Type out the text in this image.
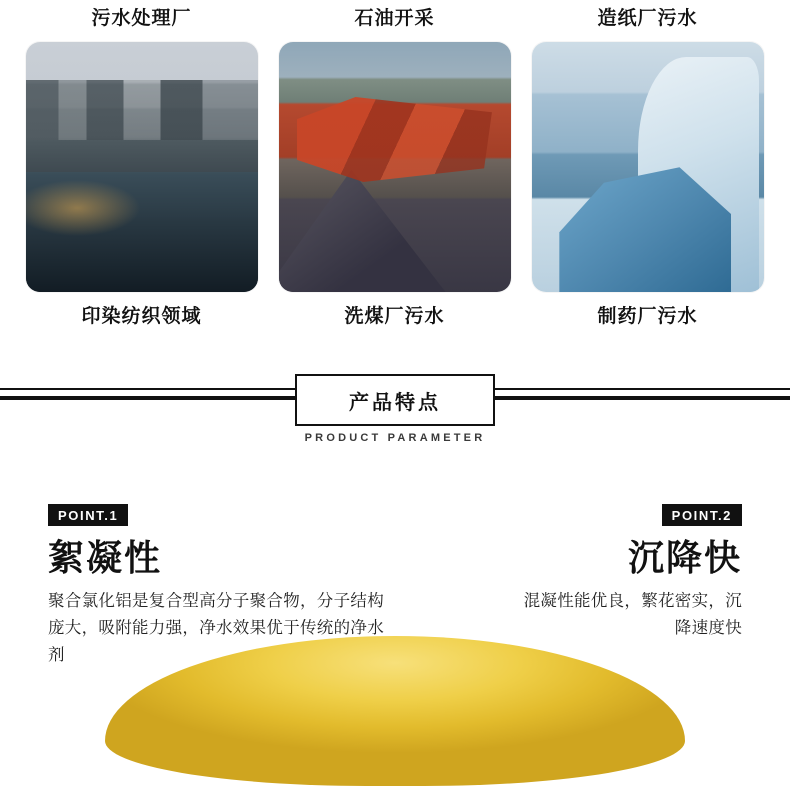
污水处理厂
印染纺织领域
石油开采
洗煤厂污水
造纸厂污水
制药厂污水
产品特点
PRODUCT PARAMETER
POINT.1
絮凝性
聚合氯化铝是复合型高分子聚合物，分子结构庞大，吸附能力强，净水效果优于传统的净水剂
POINT.2
沉降快
混凝性能优良，繁花密实，沉降速度快
